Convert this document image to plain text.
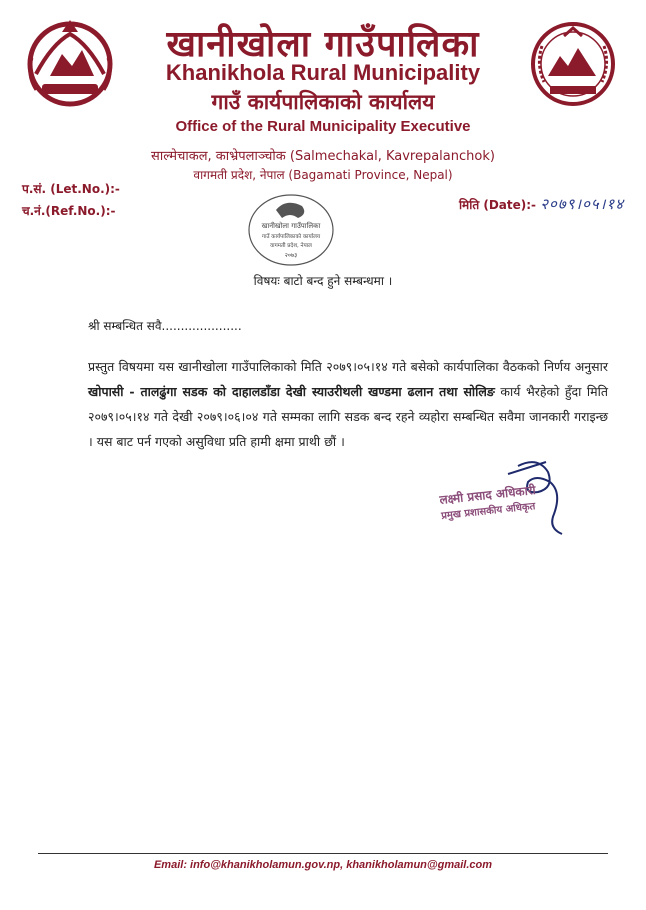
खानीखोला गाउँपालिका
Khanikhola Rural Municipality
गाउँ कार्यपालिकाको कार्यालय
Office of the Rural Municipality Executive
साल्मेचाकल, काभ्रेपलाञ्चोक (Salmechakal, Kavrepalanchok)
वागमती प्रदेश, नेपाल (Bagamati Province, Nepal)
प.सं. (Let.No.):-
च.नं.(Ref.No.):-	मिति (Date):- २०७९।०५।१४
खानीखोला गाउँपालिका
गाउँ कार्यपालिकाको कार्यालय
वागमती प्रदेश, नेपाल
२०७३
विषयः बाटो बन्द हुने सम्बन्धमा ।
श्री सम्बन्धित सवै.....................
प्रस्तुत विषयमा यस खानीखोला गाउँपालिकाको मिति २०७९।०५।१४ गते बसेको कार्यपालिका वैठकको निर्णय अनुसार खोपासी - तालढुंगा सडक को दाहालडाँडा देखी स्याउरीथली खण्डमा ढलान तथा सोलिङ कार्य भैरहेको हुँदा मिति २०७९।०५।१४ गते देखी २०७९।०६।०४ गते सम्मका लागि सडक बन्द रहने व्यहोरा सम्बन्धित सवैमा जानकारी गराइन्छ । यस बाट पर्न गएको असुविधा प्रति हामी क्षमा प्राथी छौं ।
लक्ष्मी प्रसाद अधिकारी
प्रमुख प्रशासकीय अधिकृत
Email: info@khanikholamun.gov.np, khanikholamun@gmail.com
